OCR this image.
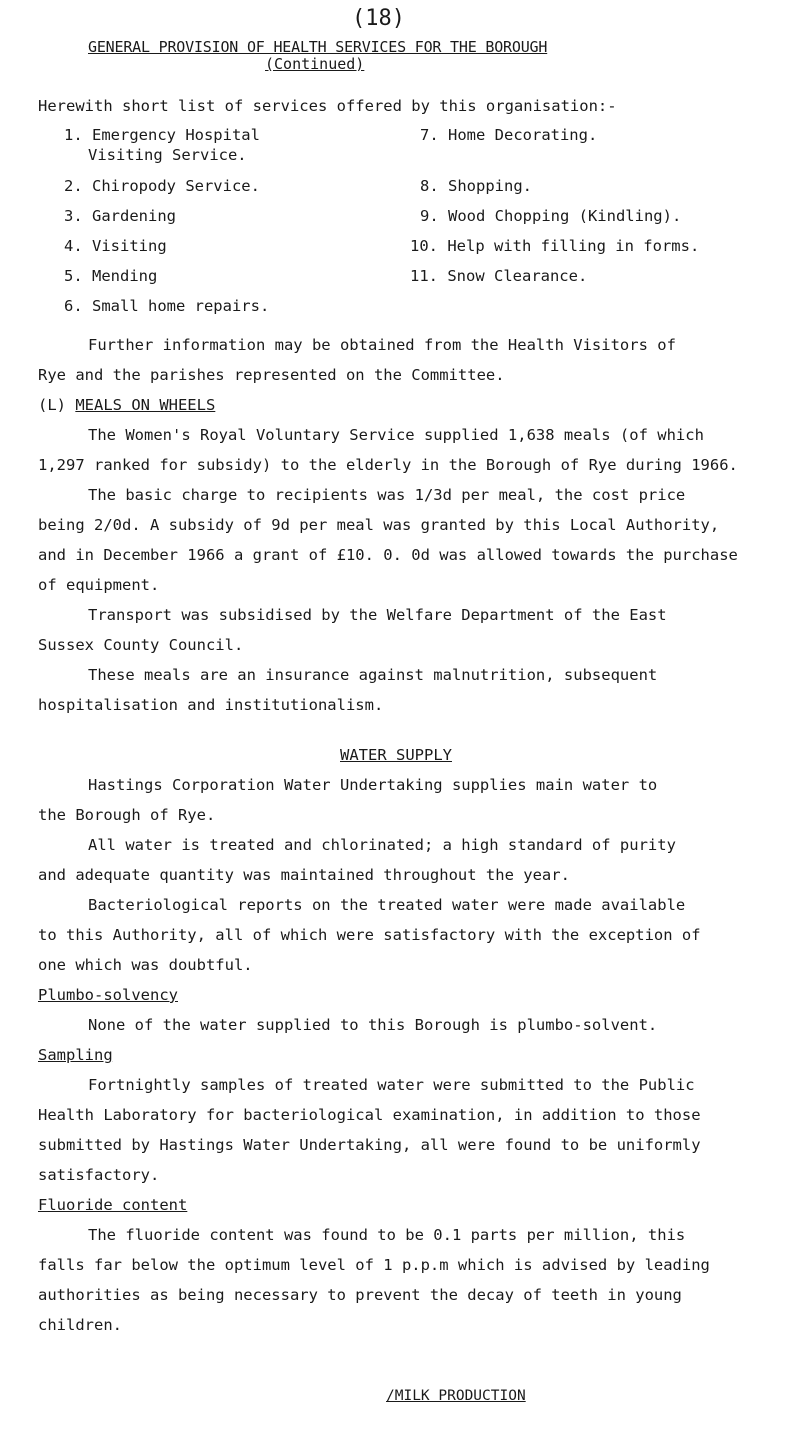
(18)
GENERAL PROVISION OF HEALTH SERVICES FOR THE BOROUGH
(Continued)
Herewith short list of services offered by this organisation:-
1. Emergency Hospital
Visiting Service.
2. Chiropody Service.
3. Gardening
4. Visiting
5. Mending
6. Small home repairs.
7. Home Decorating.
8. Shopping.
9. Wood Chopping (Kindling).
10. Help with filling in forms.
11. Snow Clearance.
Further information may be obtained from the Health Visitors of
Rye and the parishes represented on the Committee.
(L) MEALS ON WHEELS
The Women's Royal Voluntary Service supplied 1,638 meals (of which
1,297 ranked for subsidy) to the elderly in the Borough of Rye during 1966.
The basic charge to recipients was 1/3d per meal, the cost price
being 2/0d. A subsidy of 9d per meal was granted by this Local Authority,
and in December 1966 a grant of £10. 0. 0d was allowed towards the purchase
of equipment.
Transport was subsidised by the Welfare Department of the East
Sussex County Council.
These meals are an insurance against malnutrition, subsequent
hospitalisation and institutionalism.
WATER SUPPLY
Hastings Corporation Water Undertaking supplies main water to
the Borough of Rye.
All water is treated and chlorinated; a high standard of purity
and adequate quantity was maintained throughout the year.
Bacteriological reports on the treated water were made available
to this Authority, all of which were satisfactory with the exception of
one which was doubtful.
Plumbo-solvency
None of the water supplied to this Borough is plumbo-solvent.
Sampling
Fortnightly samples of treated water were submitted to the Public
Health Laboratory for bacteriological examination, in addition to those
submitted by Hastings Water Undertaking, all were found to be uniformly
satisfactory.
Fluoride content
The fluoride content was found to be 0.1 parts per million, this
falls far below the optimum level of 1 p.p.m which is advised by leading
authorities as being necessary to prevent the decay of teeth in young
children.
/MILK PRODUCTION
